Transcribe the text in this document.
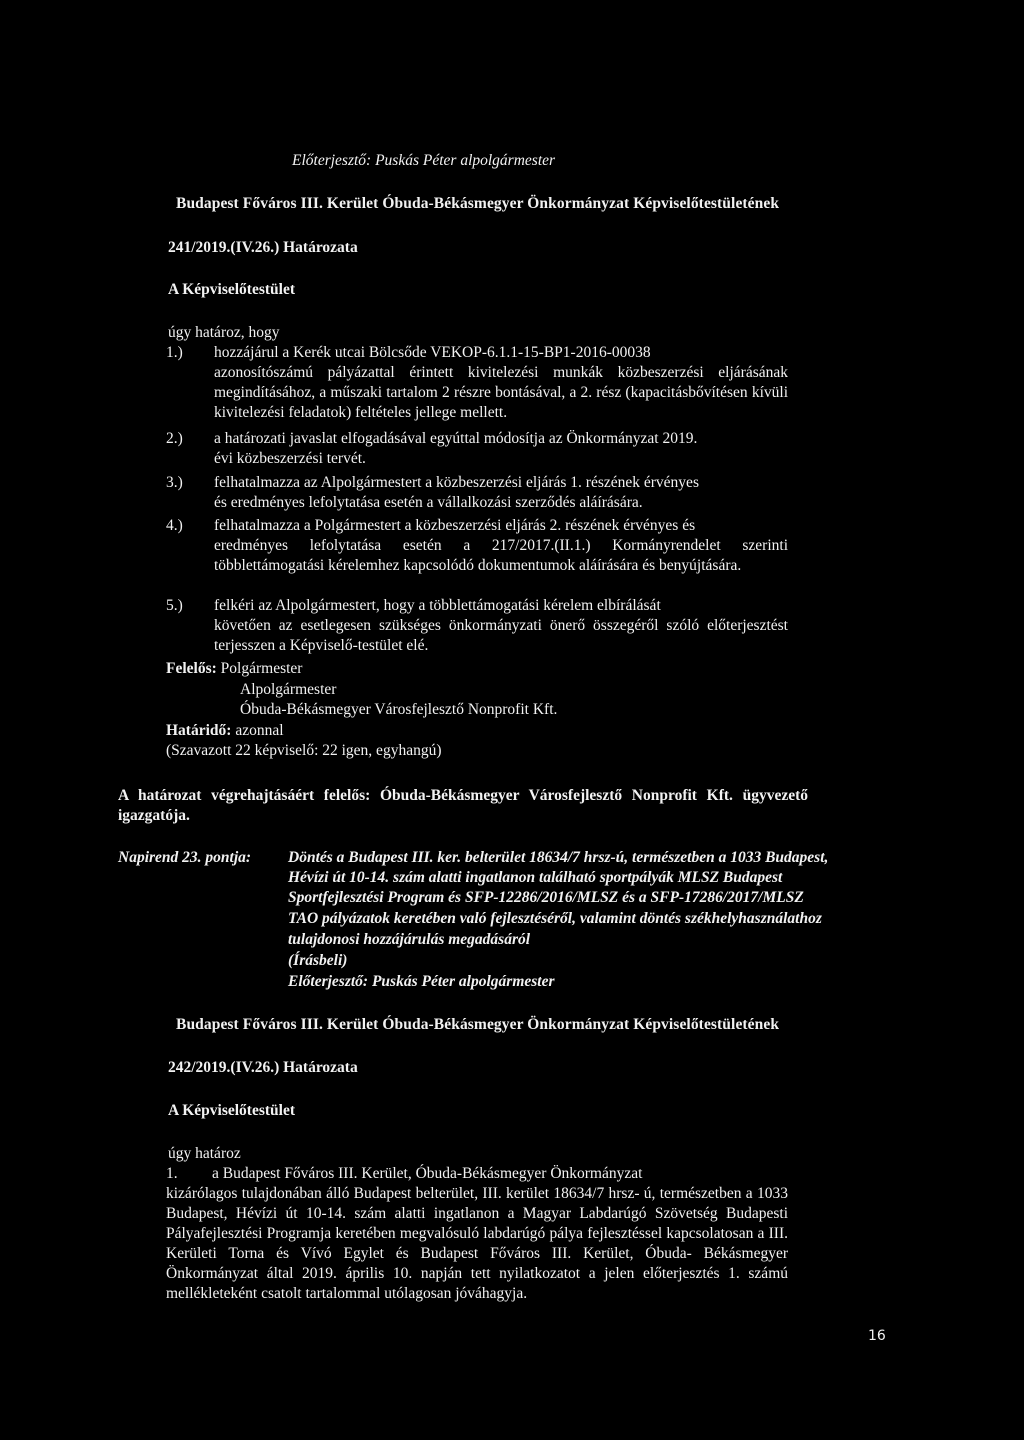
Előterjesztő: Puskás Péter alpolgármester
Budapest Főváros III. Kerület Óbuda-Békásmegyer Önkormányzat Képviselőtestületének
241/2019.(IV.26.) Határozata
A Képviselőtestület
úgy határoz, hogy
1.) hozzájárul a Kerék utcai Bölcsőde VEKOP-6.1.1-15-BP1-2016-00038
azonosítószámú pályázattal érintett kivitelezési munkák közbeszerzési eljárásának megindításához, a műszaki tartalom 2 részre bontásával, a 2. rész (kapacitásbővítésen kívüli kivitelezési feladatok) feltételes jellege mellett.
2.) a határozati javaslat elfogadásával egyúttal módosítja az Önkormányzat 2019.
évi közbeszerzési tervét.
3.) felhatalmazza az Alpolgármestert a közbeszerzési eljárás 1. részének érvényes
és eredményes lefolytatása esetén a vállalkozási szerződés aláírására.
4.) felhatalmazza a Polgármestert a közbeszerzési eljárás 2. részének érvényes és
eredményes lefolytatása esetén a 217/2017.(II.1.) Kormányrendelet szerinti többlettámogatási kérelemhez kapcsolódó dokumentumok aláírására és benyújtására.
5.) felkéri az Alpolgármestert, hogy a többlettámogatási kérelem elbírálását
követően az esetlegesen szükséges önkormányzati önerő összegéről szóló előterjesztést terjesszen a Képviselő-testület elé.
Felelős: Polgármester
Alpolgármester
Óbuda-Békásmegyer Városfejlesztő Nonprofit Kft.
Határidő: azonnal
(Szavazott 22 képviselő: 22 igen, egyhangú)
A határozat végrehajtásáért felelős: Óbuda-Békásmegyer Városfejlesztő Nonprofit Kft. ügyvezető igazgatója.
Napirend 23. pontja: Döntés a Budapest III. ker. belterület 18634/7 hrsz-ú, természetben a 1033 Budapest,
Hévízi út 10-14. szám alatti ingatlanon található sportpályák MLSZ Budapest
Sportfejlesztési Program és SFP-12286/2016/MLSZ és a SFP-17286/2017/MLSZ
TAO pályázatok keretében való fejlesztéséről, valamint döntés székhelyhasználathoz
tulajdonosi hozzájárulás megadásáról
(Írásbeli)
Előterjesztő: Puskás Péter alpolgármester
Budapest Főváros III. Kerület Óbuda-Békásmegyer Önkormányzat Képviselőtestületének
242/2019.(IV.26.) Határozata
A Képviselőtestület
úgy határoz
1. a Budapest Főváros III. Kerület, Óbuda-Békásmegyer Önkormányzat
kizárólagos tulajdonában álló Budapest belterület, III. kerület 18634/7 hrsz- ú, természetben a 1033 Budapest, Hévízi út 10-14. szám alatti ingatlanon a Magyar Labdarúgó Szövetség Budapesti Pályafejlesztési Programja keretében megvalósuló labdarúgó pálya fejlesztéssel kapcsolatosan a III. Kerületi Torna és Vívó Egylet és Budapest Főváros III. Kerület, Óbuda- Békásmegyer Önkormányzat által 2019. április 10. napján tett nyilatkozatot a jelen előterjesztés 1. számú mellékleteként csatolt tartalommal utólagosan jóváhagyja.
16
